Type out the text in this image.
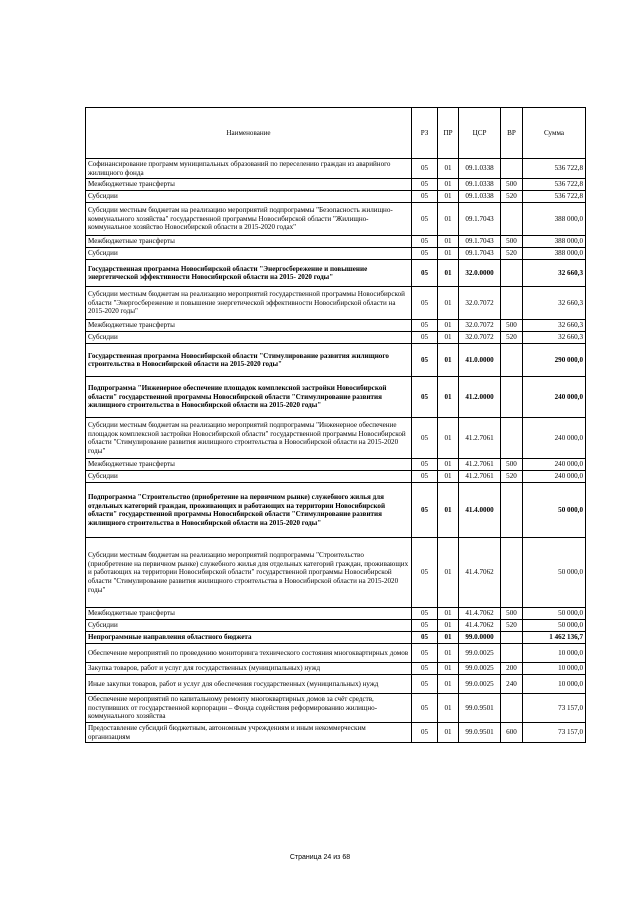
Наименование	РЗ	ПР	ЦСР	ВР	Сумма
Софинансирование программ муниципальных образований по переселению граждан из аварийного жилищного фонда	05	01	09.1.0338		536 722,8
Межбюджетные трансферты	05	01	09.1.0338	500	536 722,8
Субсидии	05	01	09.1.0338	520	536 722,8
Субсидии местным бюджетам на реализацию мероприятий подпрограммы "Безопасность жилищно-коммунального хозяйства" государственной программы Новосибирской области "Жилищно-коммунальное хозяйство Новосибирской области в 2015-2020 годах"	05	01	09.1.7043		388 000,0
Межбюджетные трансферты	05	01	09.1.7043	500	388 000,0
Субсидии	05	01	09.1.7043	520	388 000,0
Государственная программа Новосибирской области "Энергосбережение и повышение энергетической эффективности Новосибирской области на 2015- 2020 годы"	05	01	32.0.0000		32 660,3
Субсидии местным бюджетам на реализацию мероприятий государственной программы Новосибирской области "Энергосбережение и повышение энергетической эффективности Новосибирской области на 2015-2020 годы"	05	01	32.0.7072		32 660,3
Межбюджетные трансферты	05	01	32.0.7072	500	32 660,3
Субсидии	05	01	32.0.7072	520	32 660,3
Государственная программа Новосибирской области "Стимулирование развития жилищного строительства в Новосибирской области на 2015-2020 годы"	05	01	41.0.0000		290 000,0
Подпрограмма "Инженерное обеспечение площадок комплексной застройки Новосибирской области" государственной программы Новосибирской области "Стимулирование развития жилищного строительства в Новосибирской области на 2015-2020 годы"	05	01	41.2.0000		240 000,0
Субсидии местным бюджетам на реализацию мероприятий подпрограммы "Инженерное обеспечение площадок комплексной застройки Новосибирской области" государственной программы Новосибирской области "Стимулирование развития жилищного строительства в Новосибирской области на 2015-2020 годы"	05	01	41.2.7061		240 000,0
Межбюджетные трансферты	05	01	41.2.7061	500	240 000,0
Субсидии	05	01	41.2.7061	520	240 000,0
Подпрограмма "Строительство (приобретение на первичном рынке) служебного жилья для отдельных категорий граждан, проживающих и работающих на территории Новосибирской области" государственной программы Новосибирской области "Стимулирование развития жилищного строительства в Новосибирской области на 2015-2020 годы"	05	01	41.4.0000		50 000,0
Субсидии местным бюджетам на реализацию мероприятий подпрограммы "Строительство (приобретение на первичном рынке) служебного жилья для отдельных категорий граждан, проживающих и работающих на территории Новосибирской области" государственной программы Новосибирской области "Стимулирование развития жилищного строительства в Новосибирской области на 2015-2020 годы"	05	01	41.4.7062		50 000,0
Межбюджетные трансферты	05	01	41.4.7062	500	50 000,0
Субсидии	05	01	41.4.7062	520	50 000,0
Непрограммные направления областного бюджета	05	01	99.0.0000		1 462 136,7
Обеспечение мероприятий по проведению мониторинга технического состояния многоквартирных домов	05	01	99.0.0025		10 000,0
Закупка товаров, работ и услуг для государственных (муниципальных) нужд	05	01	99.0.0025	200	10 000,0
Иные закупки товаров, работ и услуг для обеспечения государственных (муниципальных) нужд	05	01	99.0.0025	240	10 000,0
Обеспечение мероприятий по капитальному ремонту многоквартирных домов за счёт средств, поступивших от государственной корпорации – Фонда содействия реформированию жилищно-коммунального хозяйства	05	01	99.0.9501		73 157,0
Предоставление субсидий бюджетным, автономным учреждениям и иным некоммерческим организациям	05	01	99.0.9501	600	73 157,0
Страница 24 из 68
